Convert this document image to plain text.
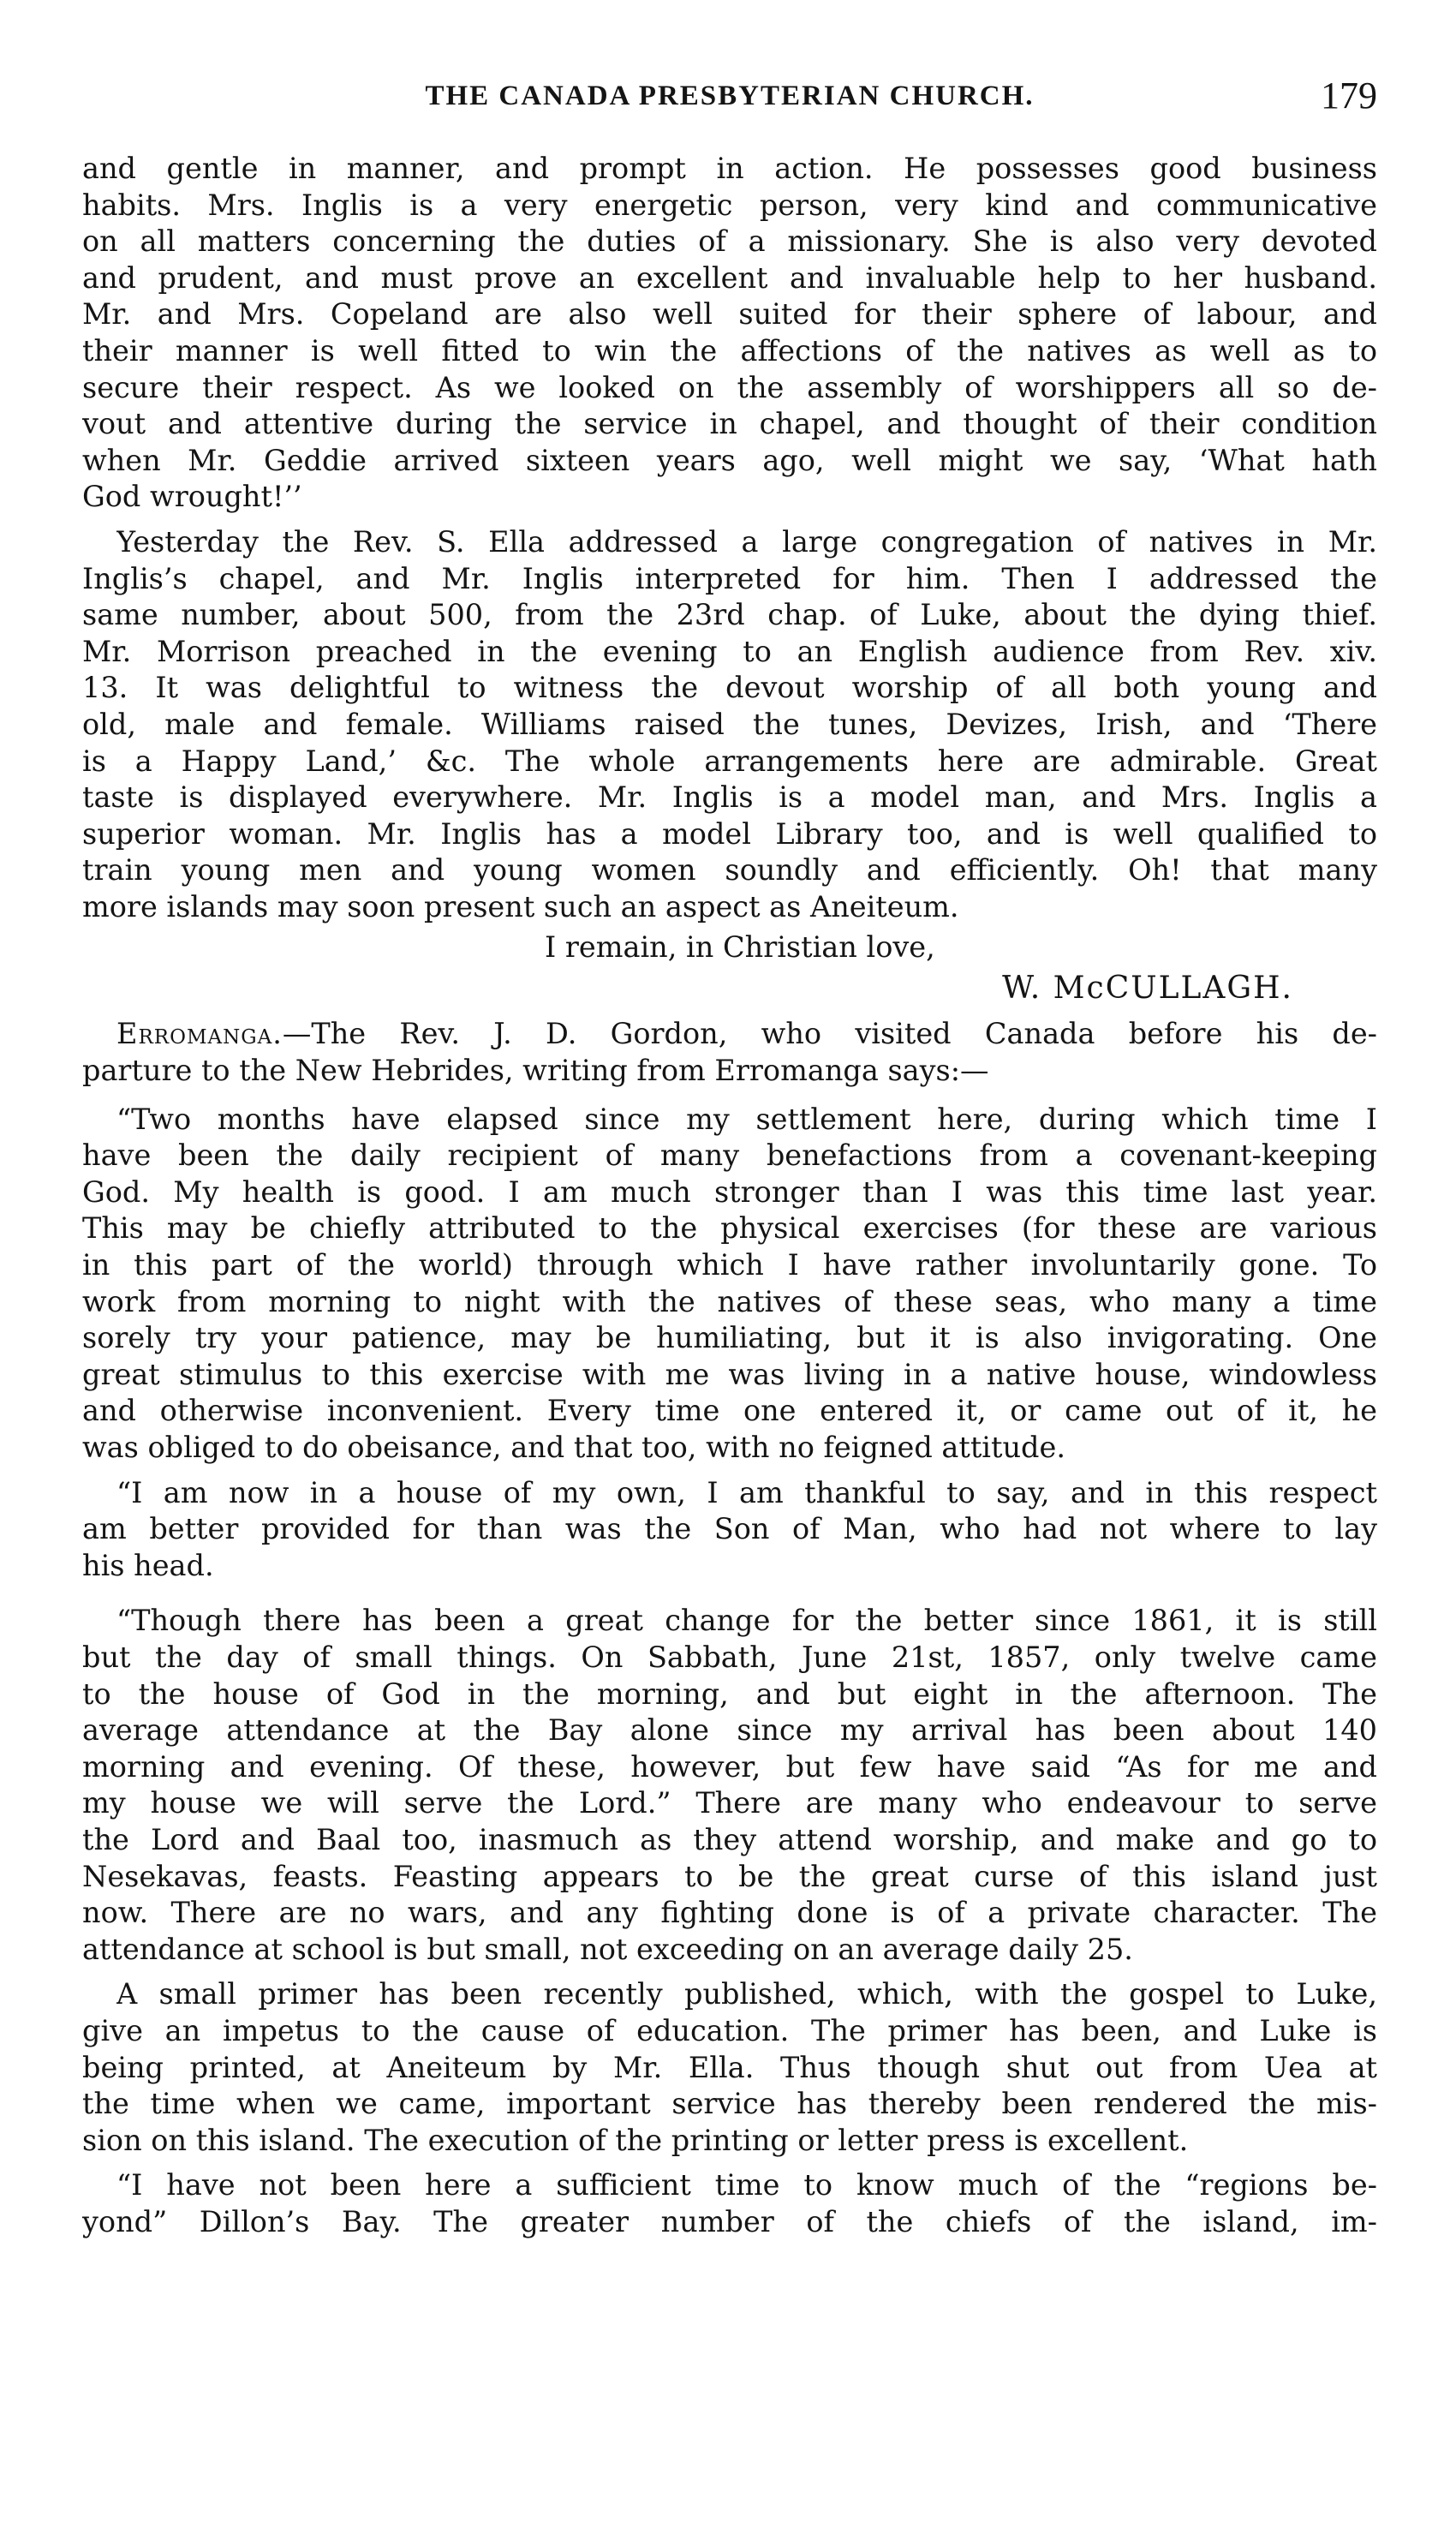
THE CANADA PRESBYTERIAN CHURCH.	179
and gentle in manner, and prompt in action. He possesses good business
habits. Mrs. Inglis is a very energetic person, very kind and communicative
on all matters concerning the duties of a missionary. She is also very devoted
and prudent, and must prove an excellent and invaluable help to her husband.
Mr. and Mrs. Copeland are also well suited for their sphere of labour, and
their manner is well fitted to win the affections of the natives as well as to
secure their respect. As we looked on the assembly of worshippers all so de-
vout and attentive during the service in chapel, and thought of their condition
when Mr. Geddie arrived sixteen years ago, well might we say, ‘What hath
God wrought!’’
Yesterday the Rev. S. Ella addressed a large congregation of natives in Mr.
Inglis’s chapel, and Mr. Inglis interpreted for him. Then I addressed the
same number, about 500, from the 23rd chap. of Luke, about the dying thief.
Mr. Morrison preached in the evening to an English audience from Rev. xiv.
13. It was delightful to witness the devout worship of all both young and
old, male and female. Williams raised the tunes, Devizes, Irish, and ‘There
is a Happy Land,’ &c. The whole arrangements here are admirable. Great
taste is displayed everywhere. Mr. Inglis is a model man, and Mrs. Inglis a
superior woman. Mr. Inglis has a model Library too, and is well qualified to
train young men and young women soundly and efficiently. Oh! that many
more islands may soon present such an aspect as Aneiteum.
I remain, in Christian love,
W. McCULLAGH.
Erromanga.—The Rev. J. D. Gordon, who visited Canada before his de-
parture to the New Hebrides, writing from Erromanga says:—
“Two months have elapsed since my settlement here, during which time I
have been the daily recipient of many benefactions from a covenant-keeping
God. My health is good. I am much stronger than I was this time last year.
This may be chiefly attributed to the physical exercises (for these are various
in this part of the world) through which I have rather involuntarily gone. To
work from morning to night with the natives of these seas, who many a time
sorely try your patience, may be humiliating, but it is also invigorating. One
great stimulus to this exercise with me was living in a native house, windowless
and otherwise inconvenient. Every time one entered it, or came out of it, he
was obliged to do obeisance, and that too, with no feigned attitude.
“I am now in a house of my own, I am thankful to say, and in this respect
am better provided for than was the Son of Man, who had not where to lay
his head.
“Though there has been a great change for the better since 1861, it is still
but the day of small things. On Sabbath, June 21st, 1857, only twelve came
to the house of God in the morning, and but eight in the afternoon. The
average attendance at the Bay alone since my arrival has been about 140
morning and evening. Of these, however, but few have said “As for me and
my house we will serve the Lord.” There are many who endeavour to serve
the Lord and Baal too, inasmuch as they attend worship, and make and go to
Nesekavas, feasts. Feasting appears to be the great curse of this island just
now. There are no wars, and any fighting done is of a private character. The
attendance at school is but small, not exceeding on an average daily 25.
A small primer has been recently published, which, with the gospel to Luke,
give an impetus to the cause of education. The primer has been, and Luke is
being printed, at Aneiteum by Mr. Ella. Thus though shut out from Uea at
the time when we came, important service has thereby been rendered the mis-
sion on this island. The execution of the printing or letter press is excellent.
“I have not been here a sufficient time to know much of the “regions be-
yond” Dillon’s Bay. The greater number of the chiefs of the island, im-
